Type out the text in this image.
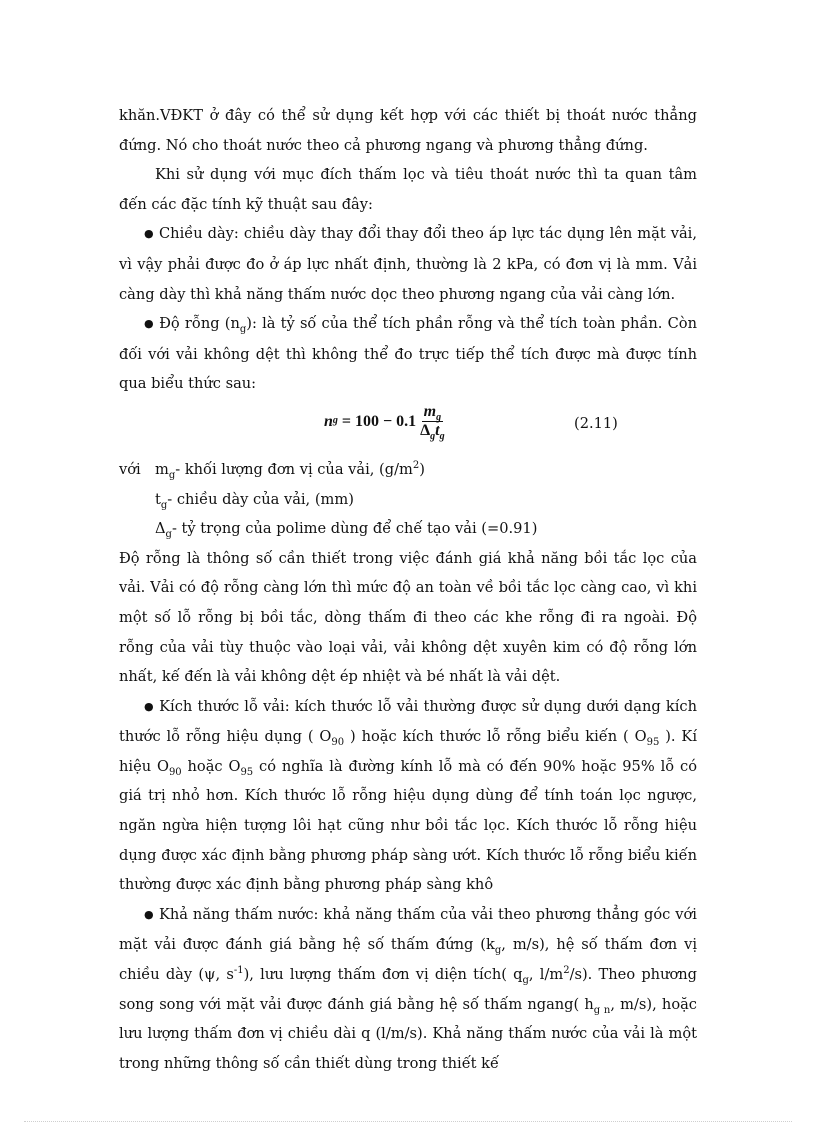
khăn.VĐKT ở đây có thể sử dụng kết hợp với các thiết bị thoát nước thẳng đứng. Nó cho thoát nước theo cả phương ngang và phương thẳng đứng.

Khi sử dụng với mục đích thấm lọc và tiêu thoát nước thì ta quan tâm đến các đặc tính kỹ thuật sau đây:

● Chiều dày: chiều dày thay đổi thay đổi theo áp lực tác dụng lên mặt vải, vì vậy phải được đo ở áp lực nhất định, thường là 2 kPa, có đơn vị là mm. Vải càng dày thì khả năng thấm nước dọc theo phương ngang của vải càng lớn.

● Độ rỗng $(n_g)$: là tỷ số của thể tích phần rỗng và thể tích toàn phần. Còn đối với vải không dệt thì không thể đo trực tiếp thể tích được mà được tính qua biểu thức sau:

n $g = 100 - 0.1 \frac{m_g}{\Delta_gt_g}$	(2.11)

với $m_g-$ khối lượng đơn vị của vải, $(g/m^2)$

$t_g-$ chiều dày của vải, (mm)

$\Delta_g-$ tỷ trọng của polime dùng để chế tạo vải (=0.91)

Độ rỗng là thông số cần thiết trong việc đánh giá khả năng bồi tắc lọc của vải. Vải có độ rỗng càng lớn thì mức độ an toàn về bồi tắc lọc càng cao, vì khi một số lỗ rỗng bị bồi tắc, dòng thấm đi theo các khe rỗng đi ra ngoài. Độ rỗng của vải tùy thuộc vào loại vải, vải không dệt xuyên kim có độ rỗng lớn nhất, kế đến là vải không dệt ép nhiệt và bé nhất là vải dệt.

● Kích thước lỗ vải: kích thước lỗ vải thường được sử dụng dưới dạng kích thước lỗ rỗng hiệu dụng ( $O_{90}$ ) hoặc kích thước lỗ rỗng biểu kiến ( $O_{95}$ ). Kí hiệu $O_{90}$ hoặc $O_{95}$ có nghĩa là đường kính lỗ mà có đến 90% hoặc 95% lỗ có giá trị nhỏ hơn. Kích thước lỗ rỗng hiệu dụng dùng để tính toán lọc ngược, ngăn ngừa hiện tượng lôi hạt cũng như bồi tắc lọc. Kích thước lỗ rỗng hiệu dụng được xác định bằng phương pháp sàng ướt. Kích thước lỗ rỗng biểu kiến thường được xác định bằng phương pháp sàng khô

● Khả năng thấm nước: khả năng thấm của vải theo phương thẳng góc với mặt vải được đánh giá bằng hệ số thấm đứng ($k_g$, m/s), hệ số thấm đơn vị chiều dày (ψ, $s^{-1}$), lưu lượng thấm đơn vị diện tích( $q_g$, $l/m^2/s$). Theo phương song song với mặt vải được đánh giá bằng hệ số thấm ngang( $h_{g n}$, m/s), hoặc lưu lượng thấm đơn vị chiều dài q (l/m/s). Khả năng thấm nước của vải là một trong những thông số cần thiết dùng trong thiết kế
